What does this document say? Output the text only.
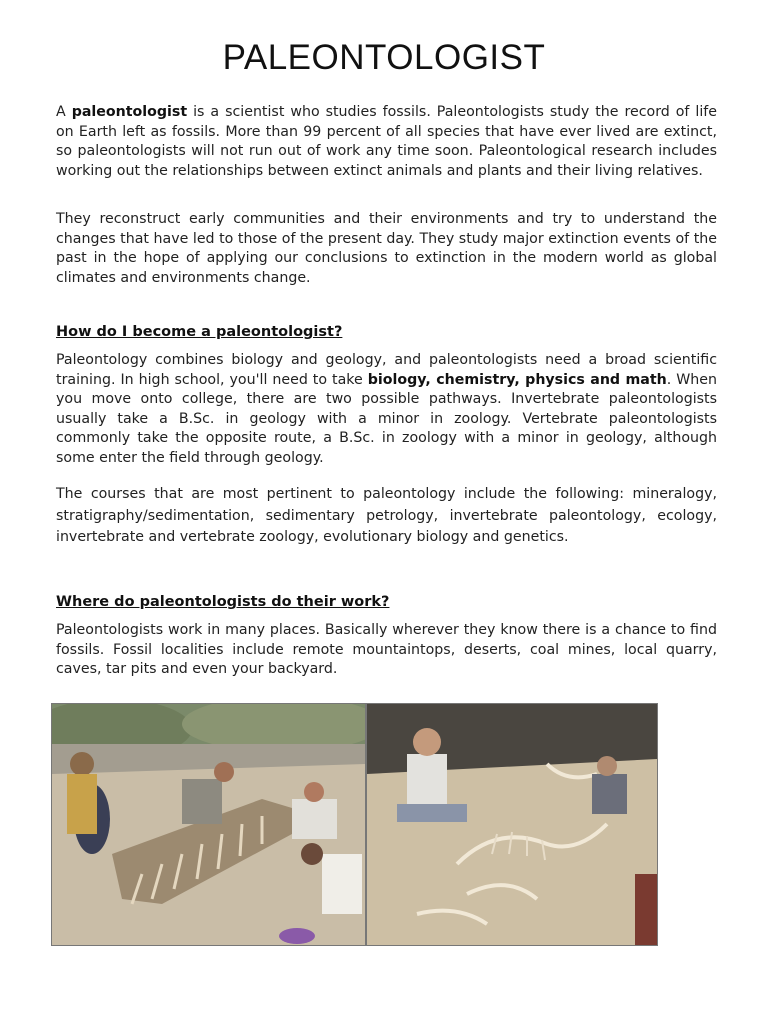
PALEONTOLOGIST

A paleontologist is a scientist who studies fossils. Paleontologists study the record of life on Earth left as fossils. More than 99 percent of all species that have ever lived are extinct, so paleontologists will not run out of work any time soon. Paleontological research includes working out the relationships between extinct animals and plants and their living relatives.

They reconstruct early communities and their environments and try to understand the changes that have led to those of the present day. They study major extinction events of the past in the hope of applying our conclusions to extinction in the modern world as global climates and environments change.

How do I become a paleontologist?

Paleontology combines biology and geology, and paleontologists need a broad scientific training. In high school, you'll need to take biology, chemistry, physics and math. When you move onto college, there are two possible pathways. Invertebrate paleontologists usually take a B.Sc. in geology with a minor in zoology. Vertebrate paleontologists commonly take the opposite route, a B.Sc. in zoology with a minor in geology, although some enter the field through geology.

The courses that are most pertinent to paleontology include the following: mineralogy, stratigraphy/sedimentation, sedimentary petrology, invertebrate paleontology, ecology, invertebrate and vertebrate zoology, evolutionary biology and genetics.

Where do paleontologists do their work?

Paleontologists work in many places. Basically wherever they know there is a chance to find fossils. Fossil localities include remote mountaintops, deserts, coal mines, local quarry, caves, tar pits and even your backyard.
